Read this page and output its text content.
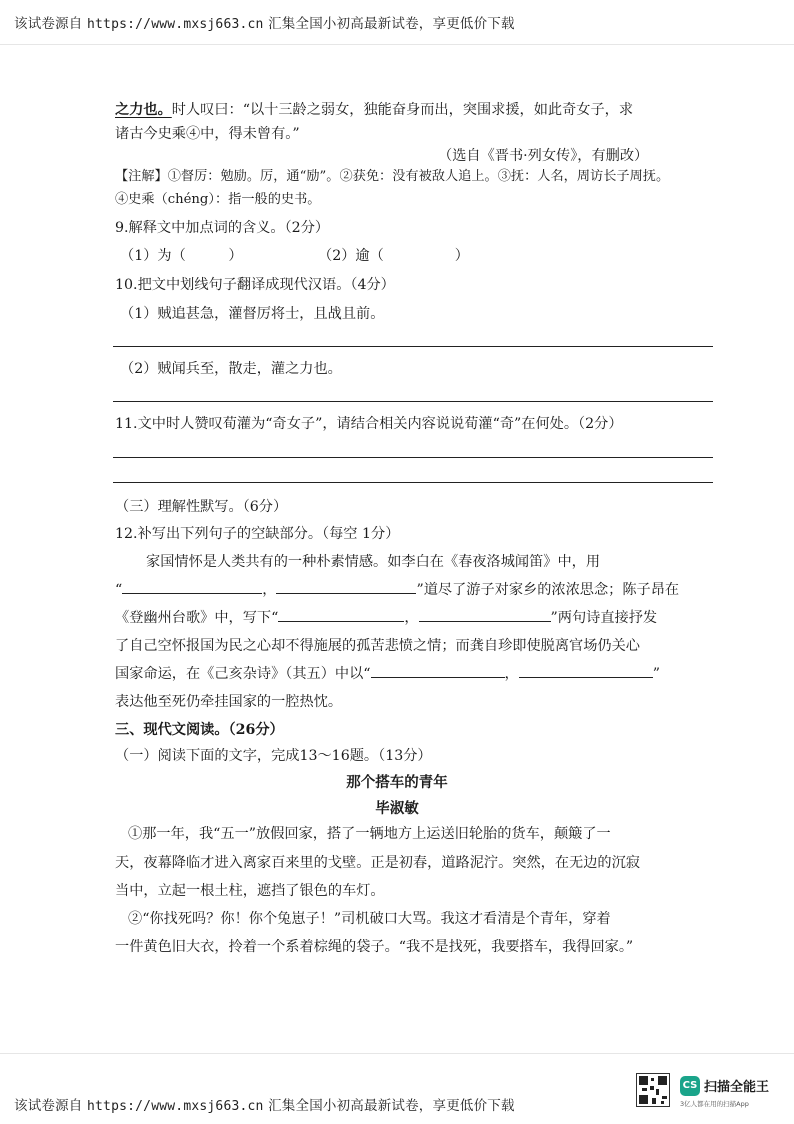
该试卷源自 https://www.mxsj663.cn 汇集全国小初高最新试卷，享更低价下载
之力也。时人叹曰：“以十三龄之弱女，独能奋身而出，突围求援，如此奇女子，求
诸古今史乘④中，得未曾有。”
（选自《晋书·列女传》，有删改）
【注解】①督厉：勉励。厉，通“励”。②获免：没有被敌人追上。③抚：人名，周访长子周抚。
④史乘（chéng）：指一般的史书。
9.解释文中加点词的含义。（2分）
（1）为（　　　）	（2）逾（　　　　　）
10.把文中划线句子翻译成现代汉语。（4分）
（1）贼追甚急，灌督厉将士，且战且前。
（2）贼闻兵至，散走，灌之力也。
11.文中时人赞叹荀灌为“奇女子”，请结合相关内容说说荀灌“奇”在何处。（2分）
（三）理解性默写。（6分）
12.补写出下列句子的空缺部分。（每空 1分）
家国情怀是人类共有的一种朴素情感。如李白在《春夜洛城闻笛》中，用
“	，	”道尽了游子对家乡的浓浓思念；陈子昂在
《登幽州台歌》中，写下“	，	”两句诗直接抒发
了自己空怀报国为民之心却不得施展的孤苦悲愤之情；而龚自珍即使脱离官场仍关心
国家命运，在《己亥杂诗》（其五）中以“	，	”
表达他至死仍牵挂国家的一腔热忱。
三、现代文阅读。（26分）
（一）阅读下面的文字，完成13～16题。（13分）
那个搭车的青年
毕淑敏
①那一年，我“五一”放假回家，搭了一辆地方上运送旧轮胎的货车，颠簸了一
天，夜幕降临才进入离家百来里的戈壁。正是初春，道路泥泞。突然，在无边的沉寂
当中，立起一根土柱，遮挡了银色的车灯。
②“你找死吗？你！你个兔崽子！”司机破口大骂。我这才看清是个青年，穿着
一件黄色旧大衣，拎着一个系着棕绳的袋子。“我不是找死，我要搭车，我得回家。”
该试卷源自 https://www.mxsj663.cn 汇集全国小初高最新试卷，享更低价下载
CS 扫描全能王
3亿人都在用的扫描App
